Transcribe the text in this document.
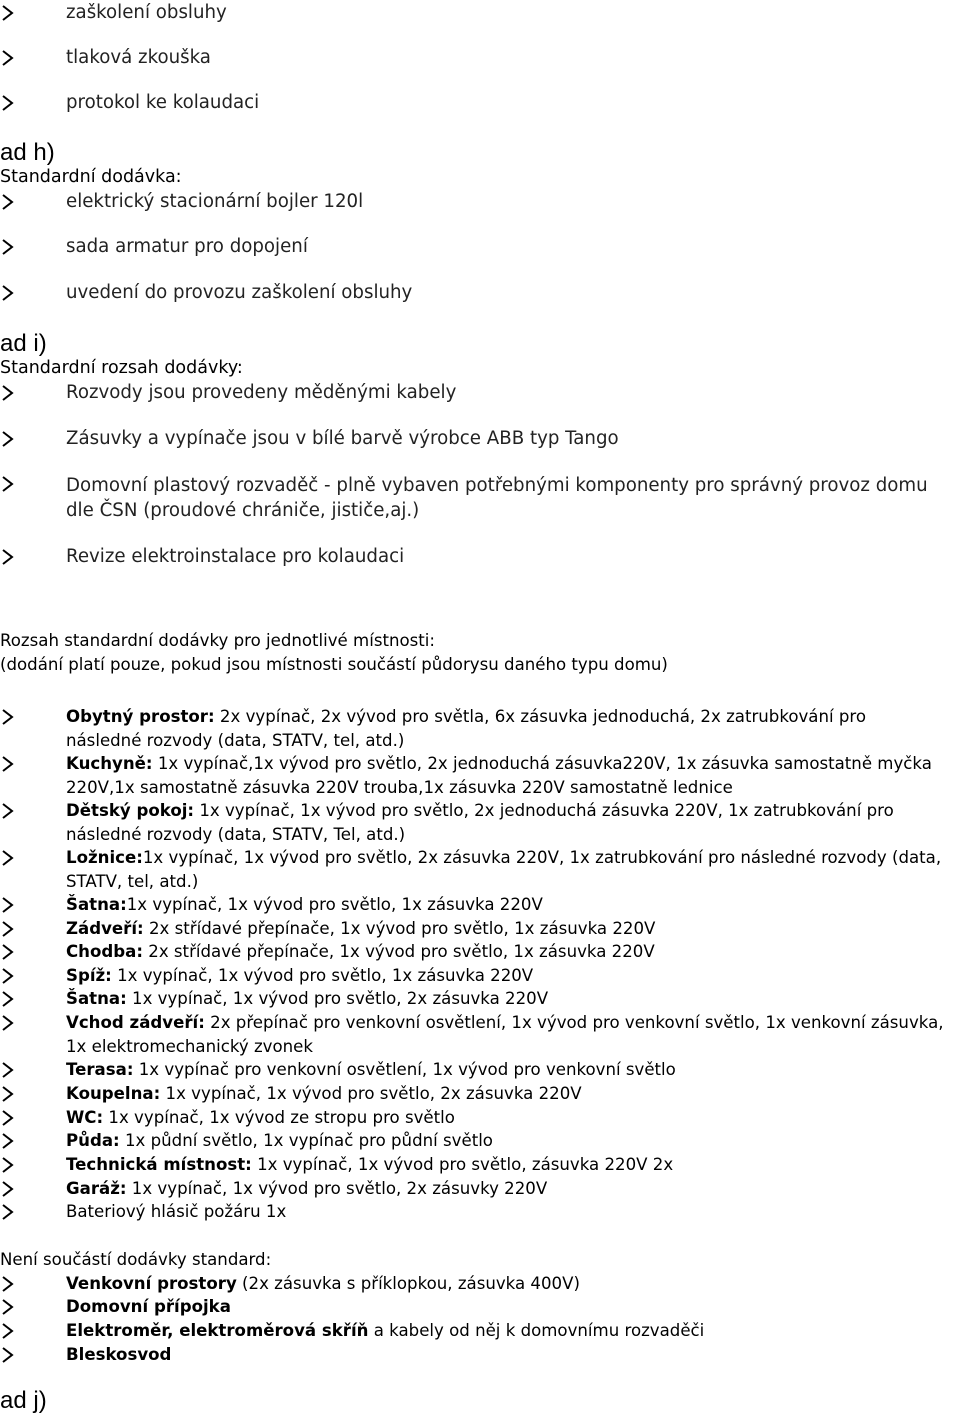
zaškolení obsluhy
tlaková zkouška
protokol ke kolaudaci
ad h)
Standardní dodávka:
elektrický stacionární bojler 120l
sada armatur pro dopojení
uvedení do provozu zaškolení obsluhy
ad i)
Standardní rozsah dodávky:
Rozvody jsou provedeny měděnými kabely
Zásuvky a vypínače jsou v bílé barvě výrobce ABB typ Tango
Domovní plastový rozvaděč - plně vybaven potřebnými komponenty pro správný provoz domu dle ČSN (proudové chrániče, jističe,aj.)
Revize elektroinstalace pro kolaudaci
Rozsah standardní dodávky pro jednotlivé místnosti:
(dodání platí pouze, pokud jsou místnosti součástí půdorysu daného typu domu)
Obytný prostor: 2x vypínač, 2x vývod pro světla, 6x zásuvka jednoduchá, 2x zatrubkování pro následné rozvody (data, STATV, tel, atd.)
Kuchyně: 1x vypínač,1x vývod pro světlo, 2x jednoduchá zásuvka220V, 1x zásuvka samostatně myčka 220V,1x samostatně zásuvka 220V trouba,1x zásuvka 220V samostatně lednice
Dětský pokoj: 1x vypínač, 1x vývod pro světlo, 2x jednoduchá zásuvka 220V, 1x zatrubkování pro následné rozvody (data, STATV, Tel, atd.)
Ložnice:1x vypínač, 1x vývod pro světlo, 2x zásuvka 220V, 1x zatrubkování pro následné rozvody (data, STATV, tel, atd.)
Šatna:1x vypínač, 1x vývod pro světlo, 1x zásuvka 220V
Zádveří: 2x střídavé přepínače, 1x vývod pro světlo, 1x zásuvka 220V
Chodba: 2x střídavé přepínače, 1x vývod pro světlo, 1x zásuvka 220V
Spíž: 1x vypínač, 1x vývod pro světlo, 1x zásuvka 220V
Šatna: 1x vypínač, 1x vývod pro světlo, 2x zásuvka 220V
Vchod zádveří: 2x přepínač pro venkovní osvětlení, 1x vývod pro venkovní světlo, 1x venkovní zásuvka, 1x elektromechanický zvonek
Terasa: 1x vypínač pro venkovní osvětlení, 1x vývod pro venkovní světlo
Koupelna: 1x vypínač, 1x vývod pro světlo, 2x zásuvka 220V
WC: 1x vypínač, 1x vývod ze stropu pro světlo
Půda: 1x půdní světlo, 1x vypínač pro půdní světlo
Technická místnost: 1x vypínač, 1x vývod pro světlo, zásuvka 220V 2x
Garáž: 1x vypínač, 1x vývod pro světlo, 2x zásuvky 220V
Bateriový hlásič požáru 1x
Není součástí dodávky standard:
Venkovní prostory (2x zásuvka s příklopkou, zásuvka 400V)
Domovní přípojka
Elektroměr, elektroměrová skříň a kabely od něj k domovnímu rozvaděči
Bleskosvod
ad j)
